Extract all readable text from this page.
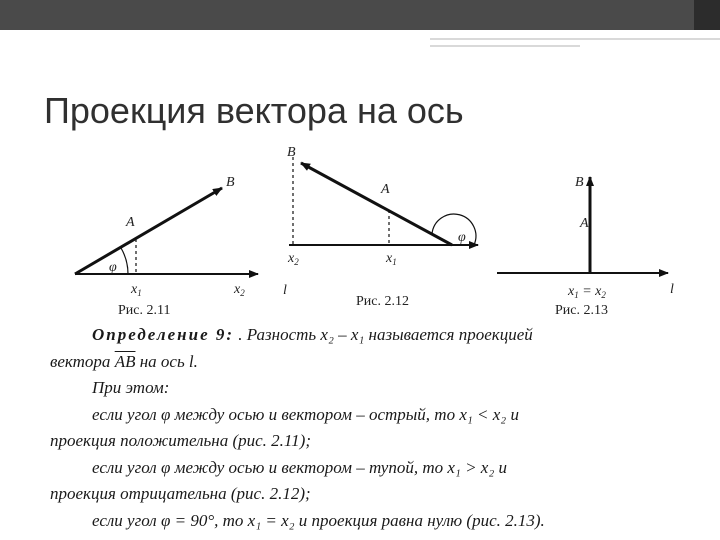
Проекция вектора на ось
φ
A
B
$x_1$	$x_2$
Рис. 2.11
φ
A
B
$x_2$	$x_1$
l
Рис. 2.12
B
A
$x_1 = x_2$	l
Рис. 2.13

Определение 9: . Разность x₂ – x₁ называется проекцией

вектора $\overline{AB}$ на ось l.

При этом:

если угол φ между осью и вектором – острый, то x₁ < x₂ и

проекция положительна (рис. 2.11);

если угол φ между осью и вектором – тупой, то x₁ > x₂ и

проекция отрицательна (рис. 2.12);

если угол φ = 90°, то x₁ = x₂ и проекция равна нулю (рис. 2.13).
